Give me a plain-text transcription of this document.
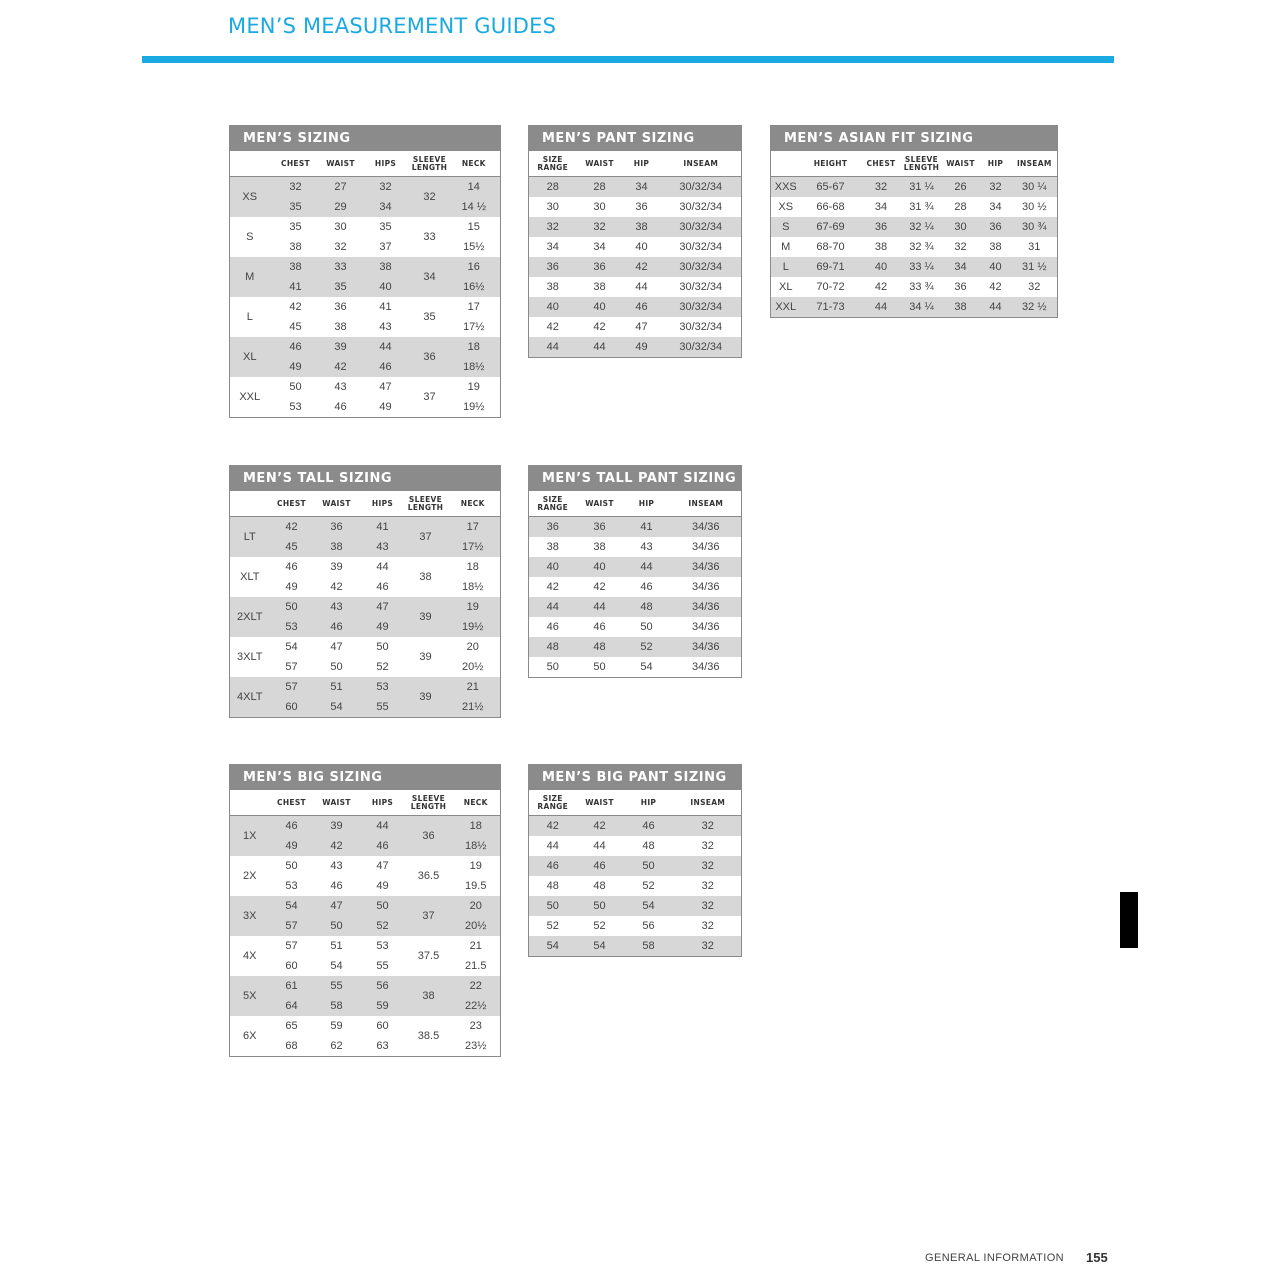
MEN’S MEASUREMENT GUIDES
MEN’S SIZING					
	CHEST	WAIST	HIPS	SLEEVE LENGTH	NECK
XS	32	27	32	32	14
	35	29	34		14 ½
S	35	30	35	33	15
	38	32	37		15½
M	38	33	38	34	16
	41	35	40		16½
L	42	36	41	35	17
	45	38	43		17½
XL	46	39	44	36	18
	49	42	46		18½
XXL	50	43	47	37	19
	53	46	49		19½
MEN’S TALL SIZING					
	CHEST	WAIST	HIPS	SLEEVE LENGTH	NECK
LT	42	36	41	37	17
	45	38	43		17½
XLT	46	39	44	38	18
	49	42	46		18½
2XLT	50	43	47	39	19
	53	46	49		19½
3XLT	54	47	50	39	20
	57	50	52		20½
4XLT	57	51	53	39	21
	60	54	55		21½
MEN’S BIG SIZING					
	CHEST	WAIST	HIPS	SLEEVE LENGTH	NECK
1X	46	39	44	36	18
	49	42	46		18½
2X	50	43	47	36.5	19
	53	46	49		19.5
3X	54	47	50	37	20
	57	50	52		20½
4X	57	51	53	37.5	21
	60	54	55		21.5
5X	61	55	56	38	22
	64	58	59		22½
6X	65	59	60	38.5	23
	68	62	63		23½
MEN’S PANT SIZING			
SIZE RANGE	WAIST	HIP	INSEAM
28	28	34	30/32/34
30	30	36	30/32/34
32	32	38	30/32/34
34	34	40	30/32/34
36	36	42	30/32/34
38	38	44	30/32/34
40	40	46	30/32/34
42	42	47	30/32/34
44	44	49	30/32/34
MEN’S TALL PANT SIZING			
SIZE RANGE	WAIST	HIP	INSEAM
36	36	41	34/36
38	38	43	34/36
40	40	44	34/36
42	42	46	34/36
44	44	48	34/36
46	46	50	34/36
48	48	52	34/36
50	50	54	34/36
MEN’S BIG PANT SIZING			
SIZE RANGE	WAIST	HIP	INSEAM
42	42	46	32
44	44	48	32
46	46	50	32
48	48	52	32
50	50	54	32
52	52	56	32
54	54	58	32
MEN’S ASIAN FIT SIZING						
	HEIGHT	CHEST	SLEEVE LENGTH	WAIST	HIP	INSEAM
XXS	65-67	32	31 ¼	26	32	30 ¼
XS	66-68	34	31 ¾	28	34	30 ½
S	67-69	36	32 ¼	30	36	30 ¾
M	68-70	38	32 ¾	32	38	31
L	69-71	40	33 ¼	34	40	31 ½
XL	70-72	42	33 ¾	36	42	32
XXL	71-73	44	34 ¼	38	44	32 ½
GENERAL INFORMATION 155
